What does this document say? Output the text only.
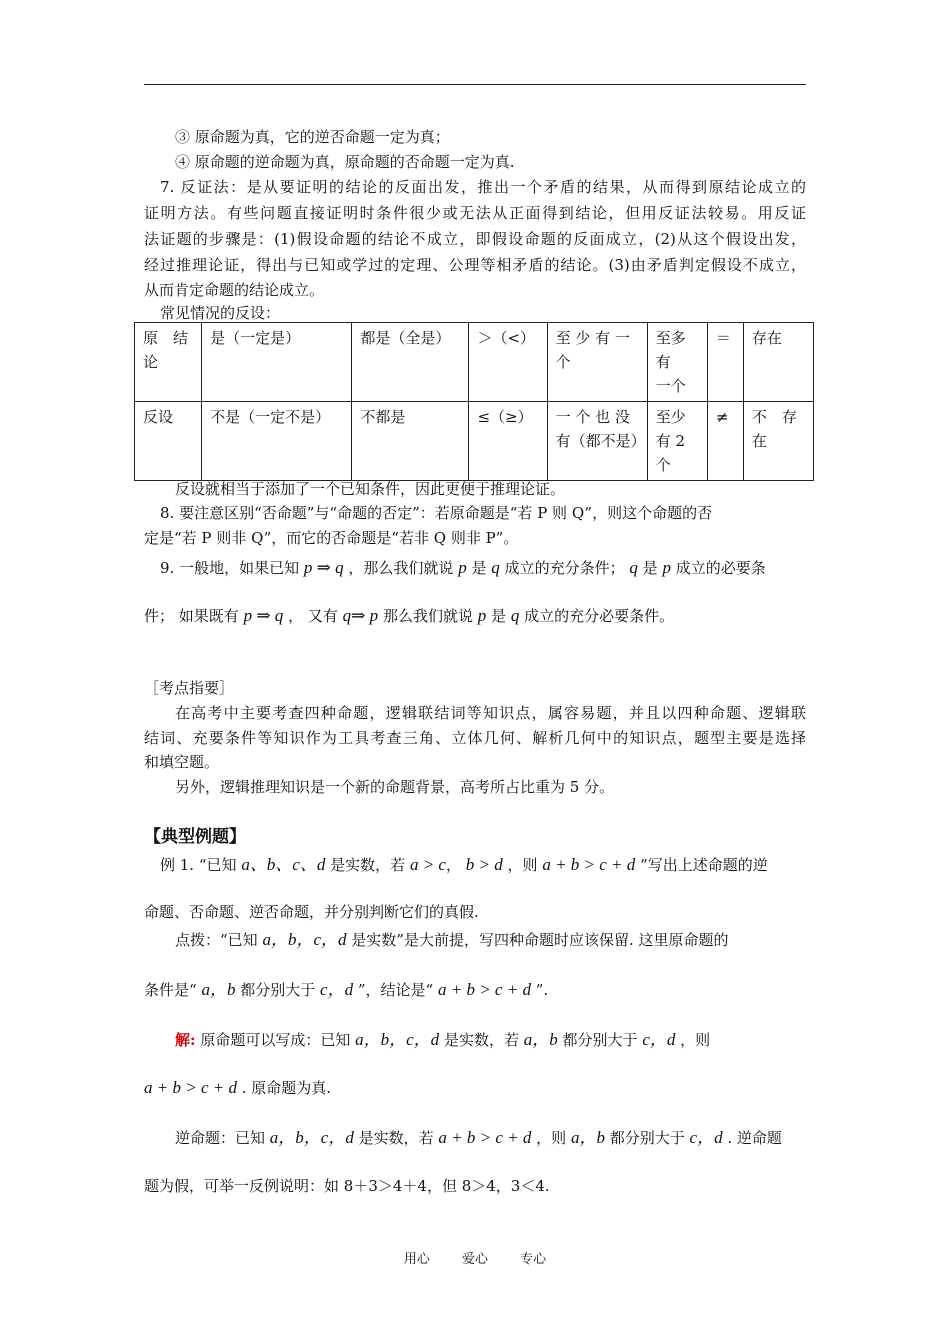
③ 原命题为真，它的逆否命题一定为真；
④ 原命题的逆命题为真，原命题的否命题一定为真.
7. 反证法：是从要证明的结论的反面出发，推出一个矛盾的结果，从而得到原结论成立的
证明方法。有些问题直接证明时条件很少或无法从正面得到结论，但用反证法较易。用反证
法证题的步骤是：(1)假设命题的结论不成立，即假设命题的反面成立，(2)从这个假设出发，
经过推理论证，得出与已知或学过的定理、公理等相矛盾的结论。(3)由矛盾判定假设不成立，
从而肯定命题的结论成立。
常见情况的反设：
原　结论	是（一定是）	都是（全是）	＞（<）	至 少 有 一个	至多有　一个	＝	存在
反设	不是（一定不是）	不都是	≤（≥）	一 个 也 没有（都不是）	至少有 2 个	≠	不　存在
反设就相当于添加了一个已知条件，因此更便于推理论证。
8. 要注意区别“否命题”与“命题的否定”：若原命题是“若 P 则 Q”，则这个命题的否
定是“若 P 则非 Q”，而它的否命题是“若非 Q 则非 P”。
9. 一般地，如果已知 p ⇒ q ，那么我们就说 p 是 q 成立的充分条件； q 是 p 成立的必要条
件； 如果既有 p ⇒ q ， 又有 q⇒ p 那么我们就说 p 是 q 成立的充分必要条件。
［考点指要］
在高考中主要考查四种命题，逻辑联结词等知识点，属容易题，并且以四种命题、逻辑联
结词、充要条件等知识作为工具考查三角、立体几何、解析几何中的知识点，题型主要是选择
和填空题。
另外，逻辑推理知识是一个新的命题背景，高考所占比重为 5 分。
【典型例题】
例 1. “已知 a、b、c、d 是实数，若 a > c， b > d ，则 a + b > c + d ”写出上述命题的逆
命题、否命题、逆否命题，并分别判断它们的真假.
点拨：“已知 a，b，c，d 是实数”是大前提，写四种命题时应该保留. 这里原命题的
条件是“ a，b 都分别大于 c，d ”，结论是“ a + b > c + d ”.
解: 原命题可以写成：已知 a，b，c，d 是实数，若 a，b 都分别大于 c，d ，则
a + b > c + d . 原命题为真.
逆命题：已知 a，b，c，d 是实数，若 a + b > c + d ，则 a，b 都分别大于 c，d . 逆命题
题为假，可举一反例说明：如 8＋3＞4＋4，但 8＞4，3＜4.
用心 爱心 专心
